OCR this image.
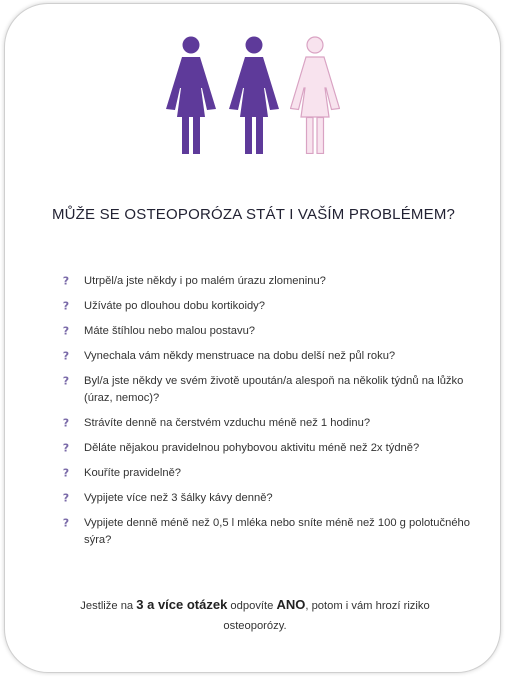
MŮŽE SE OSTEOPORÓZA STÁT I VAŠÍM PROBLÉMEM?
? Utrpěl/a jste někdy i po malém úrazu zlomeninu?
? Užíváte po dlouhou dobu kortikoidy?
? Máte štíhlou nebo malou postavu?
? Vynechala vám někdy menstruace na dobu delší než půl roku?
? Byl/a jste někdy ve svém životě upoután/a alespoň na několik týdnů na lůžko (úraz, nemoc)?
? Strávíte denně na čerstvém vzduchu méně než 1 hodinu?
? Děláte nějakou pravidelnou pohybovou aktivitu méně než 2x týdně?
? Kouříte pravidelně?
? Vypijete více než 3 šálky kávy denně?
? Vypijete denně méně než 0,5 l mléka nebo sníte méně než 100 g polotučného sýra?
Jestliže na 3 a více otázek odpovíte ANO, potom i vám hrozí riziko osteoporózy.
